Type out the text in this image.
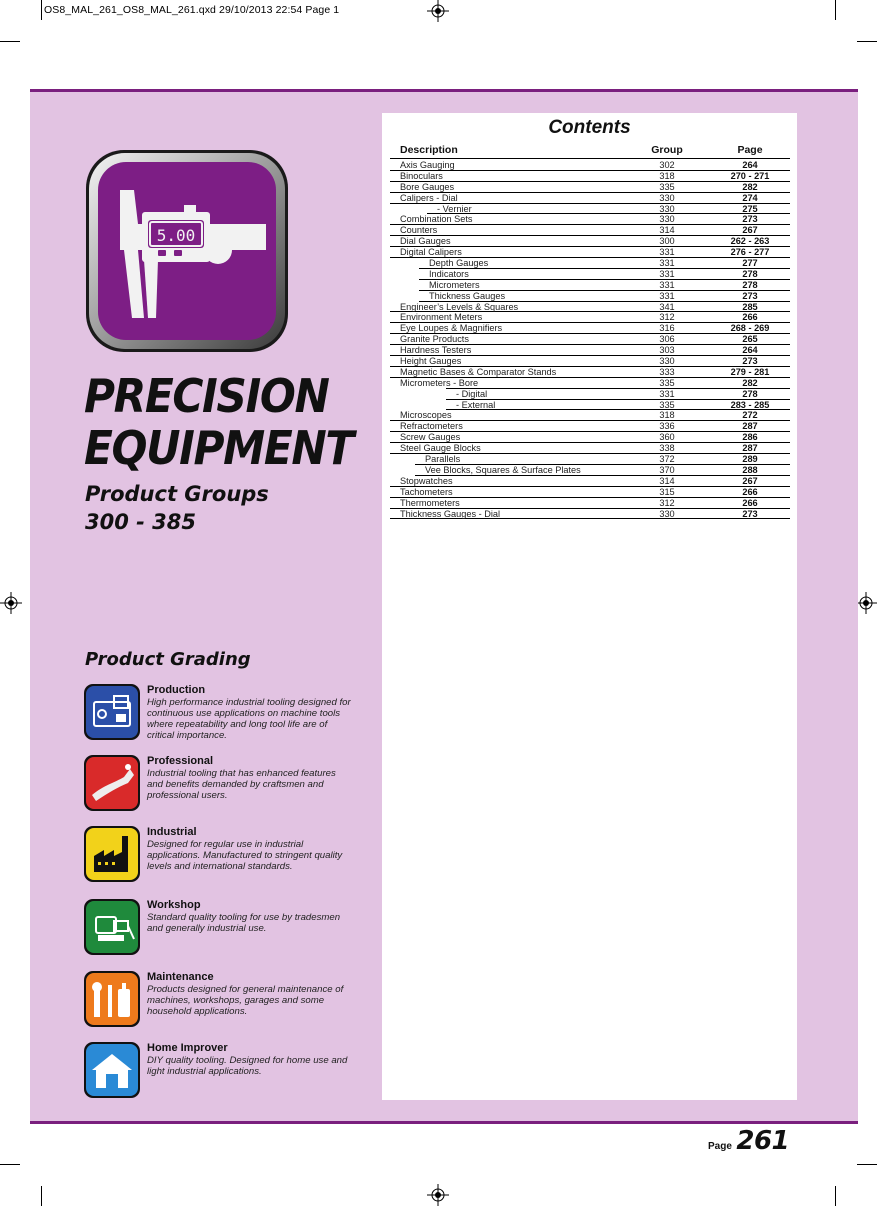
OS8_MAL_261_OS8_MAL_261.qxd 29/10/2013 22:54 Page 1
5.00
PRECISION
EQUIPMENT
Product Groups
300 - 385
Product Grading
Production
High performance industrial tooling designed for continuous use applications on machine tools where repeatability and long tool life are of critical importance.
Professional
Industrial tooling that has enhanced features and benefits demanded by craftsmen and professional users.
Industrial
Designed for regular use in industrial applications. Manufactured to stringent quality levels and international standards.
Workshop
Standard quality tooling for use by tradesmen and generally industrial use.
Maintenance
Products designed for general maintenance of machines, workshops, garages and some household applications.
Home Improver
DIY quality tooling. Designed for home use and light industrial applications.
Contents
Description	Group	Page
Axis Gauging	302	264
Binoculars	318	270 - 271
Bore Gauges	335	282
Calipers - Dial	330	274
- Vernier	330	275
Combination Sets	330	273
Counters	314	267
Dial Gauges	300	262 - 263
Digital Calipers	331	276 - 277
Depth Gauges	331	277
Indicators	331	278
Micrometers	331	278
Thickness Gauges	331	273
Engineer’s Levels & Squares	341	285
Environment Meters	312	266
Eye Loupes & Magnifiers	316	268 - 269
Granite Products	306	265
Hardness Testers	303	264
Height Gauges	330	273
Magnetic Bases & Comparator Stands	333	279 - 281
Micrometers - Bore	335	282
- Digital	331	278
- External	335	283 - 285
Microscopes	318	272
Refractometers	336	287
Screw Gauges	360	286
Steel Gauge Blocks	338	287
Parallels	372	289
Vee Blocks, Squares & Surface Plates	370	288
Stopwatches	314	267
Tachometers	315	266
Thermometers	312	266
Thickness Gauges - Dial	330	273
Page 261
